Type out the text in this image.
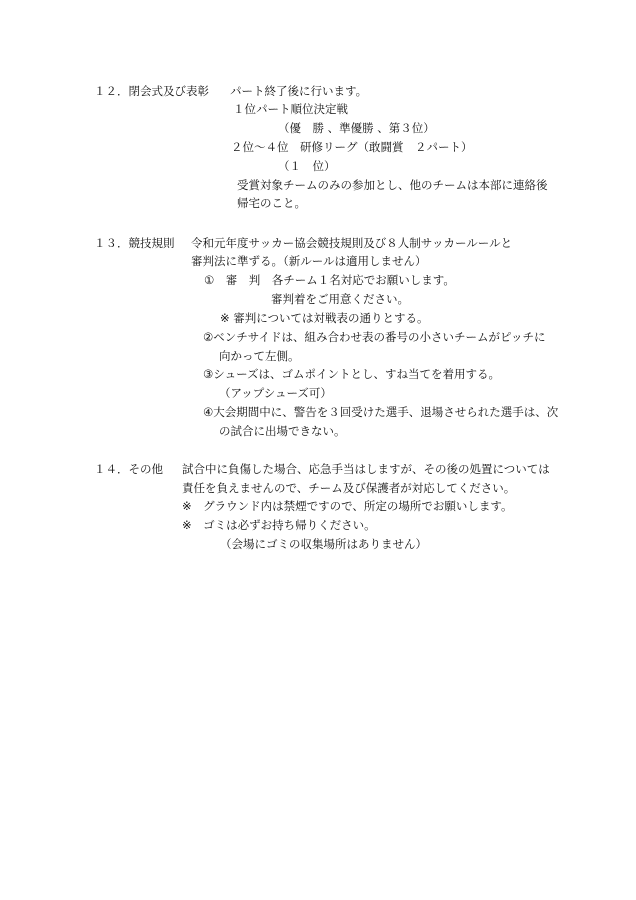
１２．閉会式及び表彰 パート終了後に行います。
１位パート順位決定戦
（優　勝 、準優勝 、第３位）
２位～４位　研修リーグ（敢闘賞　２パート）
（１　位）
受賞対象チームのみの参加とし、他のチームは本部に連絡後
帰宅のこと。
１３．競技規則 令和元年度サッカー協会競技規則及び８人制サッカールールと
審判法に準ずる。（新ルールは適用しません）
①　審　判　各チーム１名対応でお願いします。
審判着をご用意ください。
※ 審判については対戦表の通りとする。
②ベンチサイドは、組み合わせ表の番号の小さいチームがピッチに
向かって左側。
③シューズは、ゴムポイントとし、すね当てを着用する。
（アップシューズ可）
④大会期間中に、警告を３回受けた選手、退場させられた選手は、次
の試合に出場できない。
１４．その他 試合中に負傷した場合、応急手当はしますが、その後の処置については
責任を負えませんので、チーム及び保護者が対応してください。
※　グラウンド内は禁煙ですので、所定の場所でお願いします。
※　ゴミは必ずお持ち帰りください。
（会場にゴミの収集場所はありません）
